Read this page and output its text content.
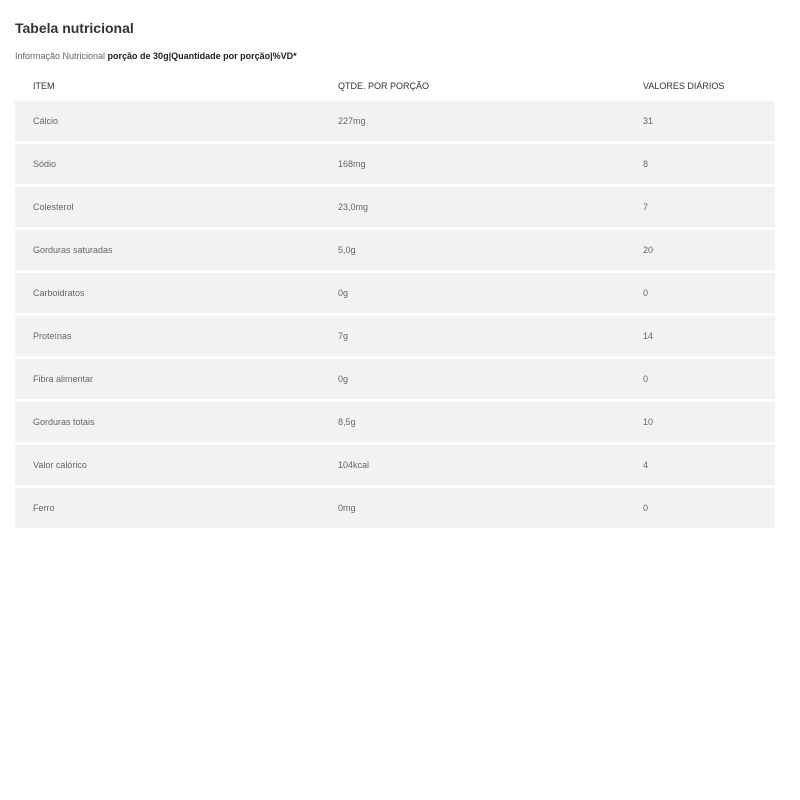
Tabela nutricional
Informação Nutricional porção de 30g|Quantidade por porção|%VD*
ITEM	QTDE. POR PORÇÃO	VALORES DIÁRIOS
Cálcio	227mg	31
Sódio	168mg	8
Colesterol	23,0mg	7
Gorduras saturadas	5,0g	20
Carboidratos	0g	0
Proteínas	7g	14
Fibra alimentar	0g	0
Gorduras totais	8,5g	10
Valor calórico	104kcal	4
Ferro	0mg	0
